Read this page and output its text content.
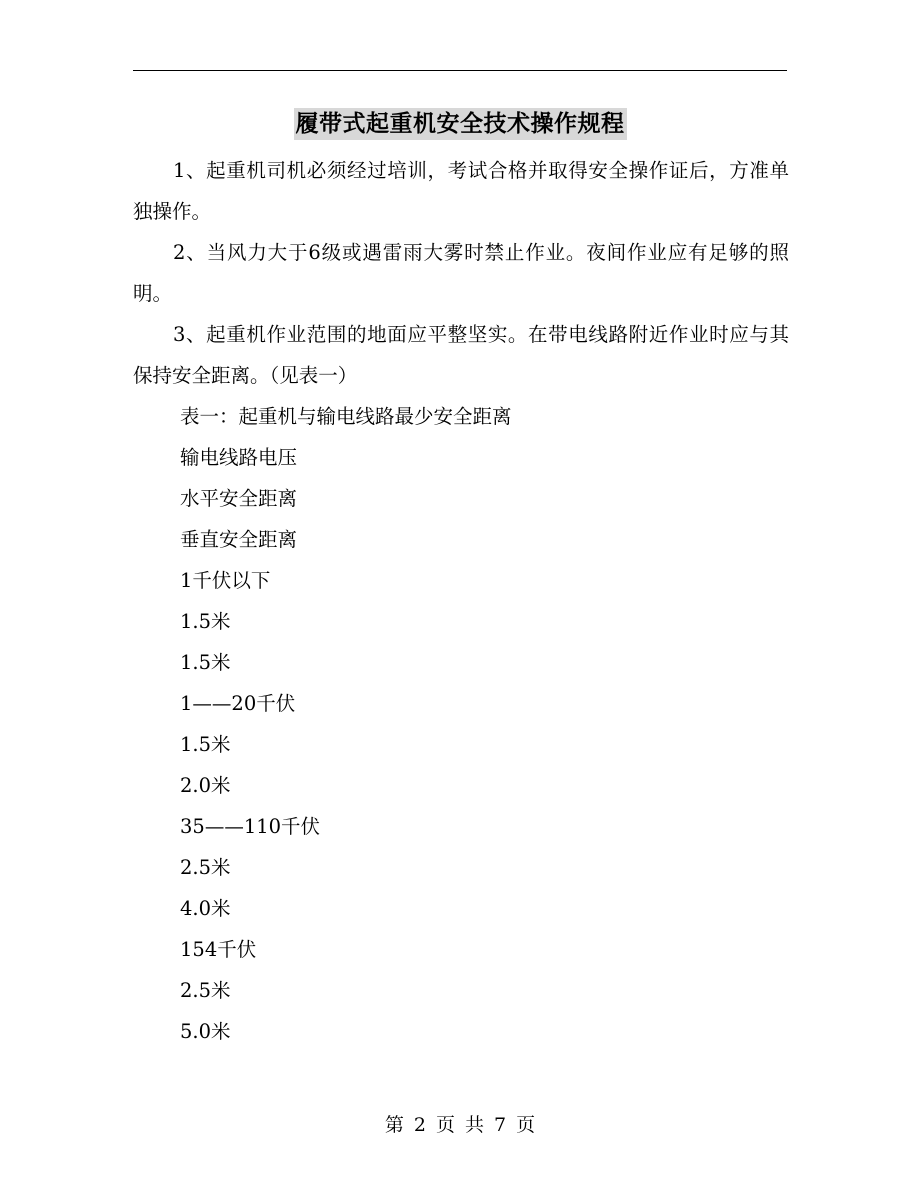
履带式起重机安全技术操作规程

1、起重机司机必须经过培训，考试合格并取得安全操作证后，方准单独操作。

2、当风力大于6级或遇雷雨大雾时禁止作业。夜间作业应有足够的照明。

3、起重机作业范围的地面应平整坚实。在带电线路附近作业时应与其保持安全距离。（见表一）

表一：起重机与输电线路最少安全距离

输电线路电压

水平安全距离

垂直安全距离

1千伏以下

1.5米

1.5米

1——20千伏

1.5米

2.0米

35——110千伏

2.5米

4.0米

154千伏

2.5米

5.0米

第 2 页 共 7 页
